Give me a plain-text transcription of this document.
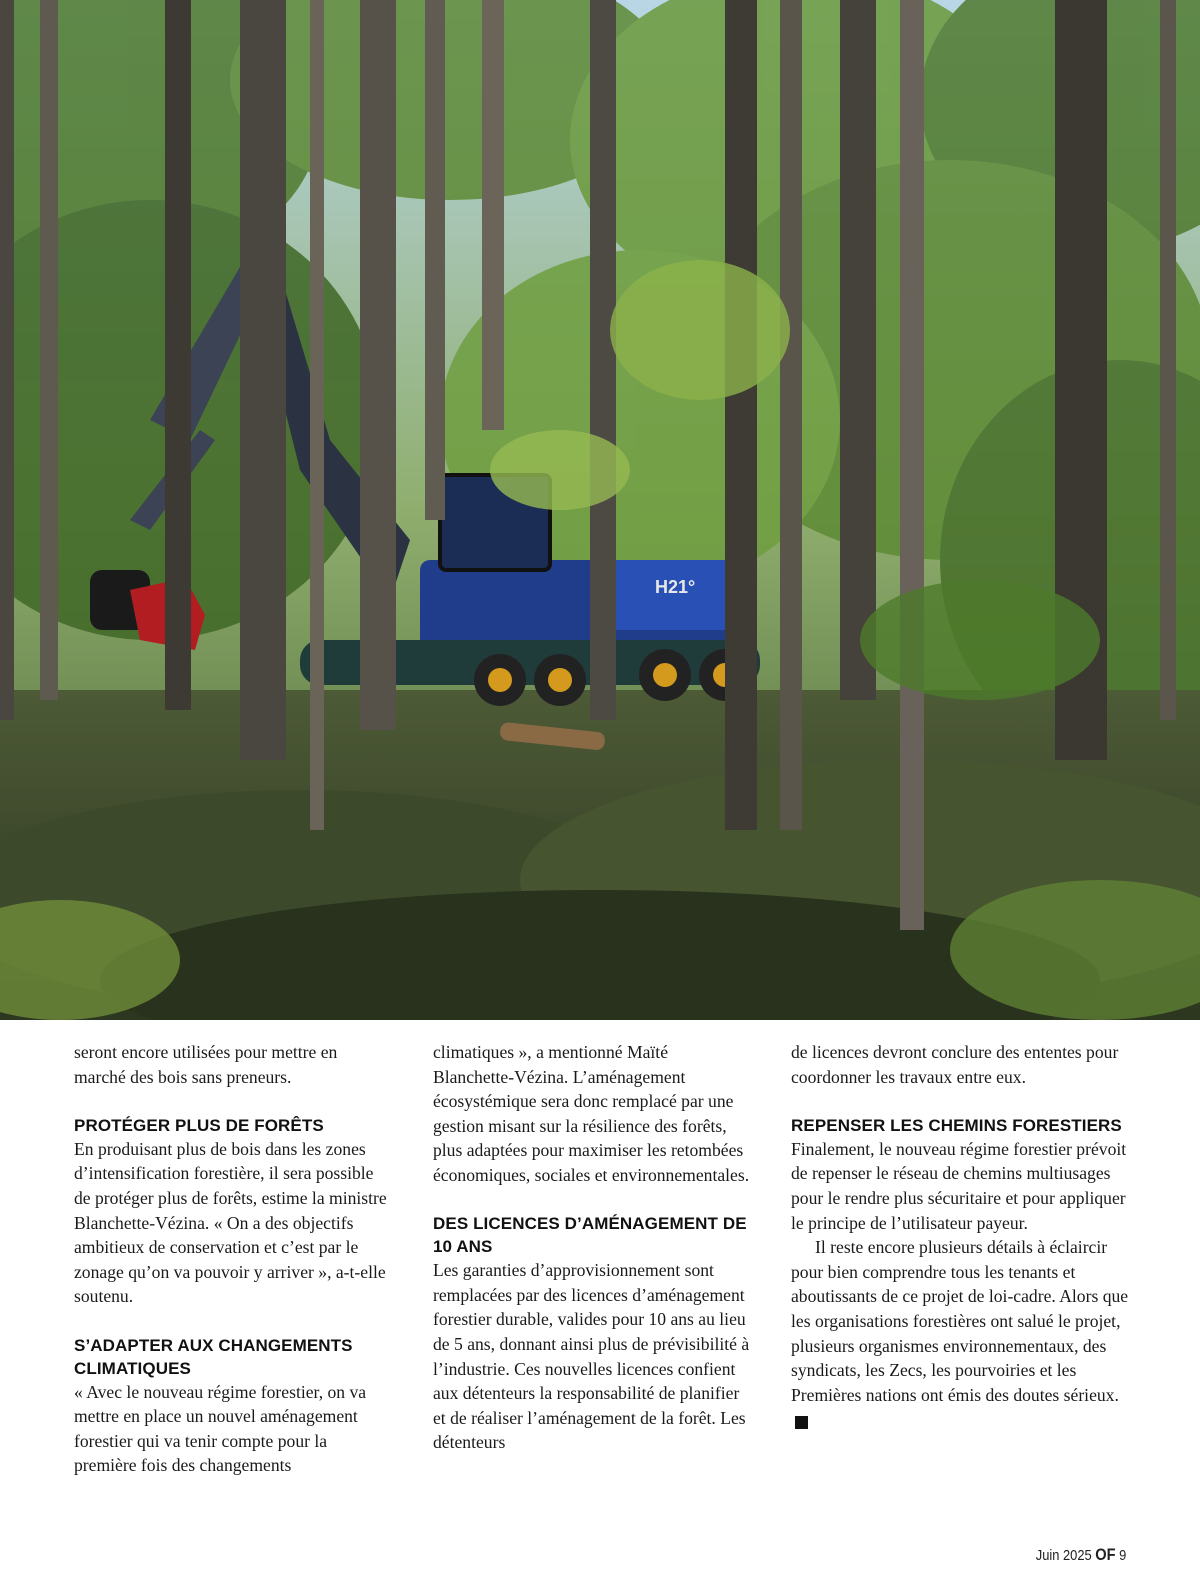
H21°

seront encore utilisées pour mettre en marché des bois sans preneurs.

PROTÉGER PLUS DE FORÊTS

En produisant plus de bois dans les zones d’intensification forestière, il sera possible de protéger plus de forêts, estime la ministre Blanchette-Vézina. « On a des objectifs ambitieux de conservation et c’est par le zonage qu’on va pouvoir y arriver », a-t-elle soutenu.

S’ADAPTER AUX CHANGEMENTS CLIMATIQUES

« Avec le nouveau régime forestier, on va mettre en place un nouvel aménagement forestier qui va tenir compte pour la première fois des changements

climatiques », a mentionné Maïté Blanchette-Vézina. L’aménagement écosystémique sera donc remplacé par une gestion misant sur la résilience des forêts, plus adaptées pour maximiser les retombées économiques, sociales et environnementales.

DES LICENCES D’AMÉNAGEMENT DE 10 ANS

Les garanties d’approvisionnement sont remplacées par des licences d’aménagement forestier durable, valides pour 10 ans au lieu de 5 ans, donnant ainsi plus de prévisibilité à l’industrie. Ces nouvelles licences confient aux détenteurs la responsabilité de planifier et de réaliser l’aménagement de la forêt. Les détenteurs

de licences devront conclure des ententes pour coordonner les travaux entre eux.

REPENSER LES CHEMINS FORESTIERS

Finalement, le nouveau régime forestier prévoit de repenser le réseau de chemins multiusages pour le rendre plus sécuritaire et pour appliquer le principe de l’utilisateur payeur.

Il reste encore plusieurs détails à éclaircir pour bien comprendre tous les tenants et aboutissants de ce projet de loi-cadre. Alors que les organisations forestières ont salué le projet, plusieurs organismes environnementaux, des syndicats, les Zecs, les pourvoiries et les Premières nations ont émis des doutes sérieux.OF

Juin 2025 OF 9
